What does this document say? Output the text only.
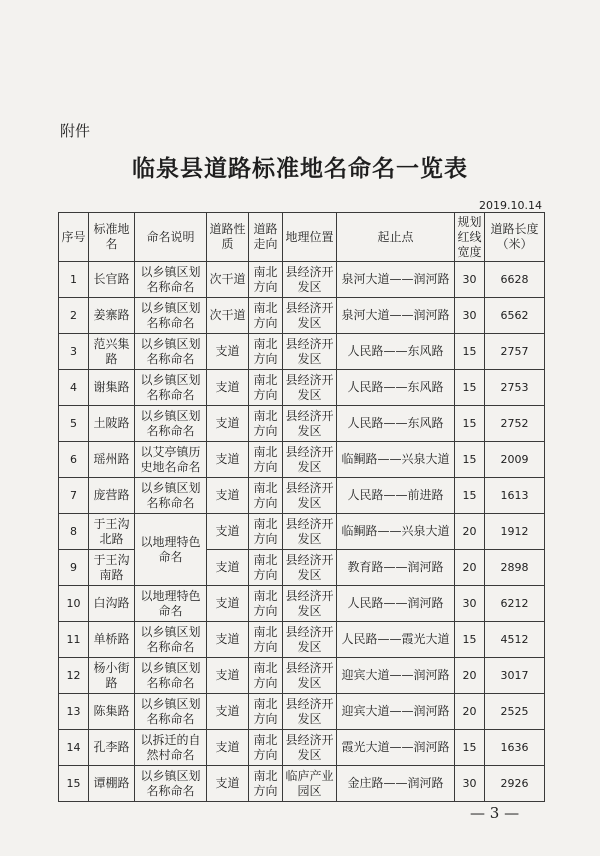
附件
临泉县道路标准地名命名一览表
2019.10.14
序号	标准地名	命名说明	道路性质	道路走向	地理位置	起止点	规划红线宽度	道路长度（米）
1	长官路	以乡镇区划名称命名	次干道	南北方向	县经济开发区	泉河大道——润河路	30	6628
2	姜寨路	以乡镇区划名称命名	次干道	南北方向	县经济开发区	泉河大道——润河路	30	6562
3	范兴集路	以乡镇区划名称命名	支道	南北方向	县经济开发区	人民路——东风路	15	2757
4	谢集路	以乡镇区划名称命名	支道	南北方向	县经济开发区	人民路——东风路	15	2753
5	土陂路	以乡镇区划名称命名	支道	南北方向	县经济开发区	人民路——东风路	15	2752
6	瑶州路	以艾亭镇历史地名命名	支道	南北方向	县经济开发区	临鲖路——兴泉大道	15	2009
7	庞营路	以乡镇区划名称命名	支道	南北方向	县经济开发区	人民路——前进路	15	1613
8	于王沟北路	以地理特色命名	支道	南北方向	县经济开发区	临鲖路——兴泉大道	20	1912
9	于王沟南路		支道	南北方向	县经济开发区	教育路——润河路	20	2898
10	白沟路	以地理特色命名	支道	南北方向	县经济开发区	人民路——润河路	30	6212
11	单桥路	以乡镇区划名称命名	支道	南北方向	县经济开发区	人民路——霞光大道	15	4512
12	杨小街路	以乡镇区划名称命名	支道	南北方向	县经济开发区	迎宾大道——润河路	20	3017
13	陈集路	以乡镇区划名称命名	支道	南北方向	县经济开发区	迎宾大道——润河路	20	2525
14	孔李路	以拆迁的自然村命名	支道	南北方向	县经济开发区	霞光大道——润河路	15	1636
15	谭棚路	以乡镇区划名称命名	支道	南北方向	临庐产业园区	金庄路——润河路	30	2926
— 3 —
